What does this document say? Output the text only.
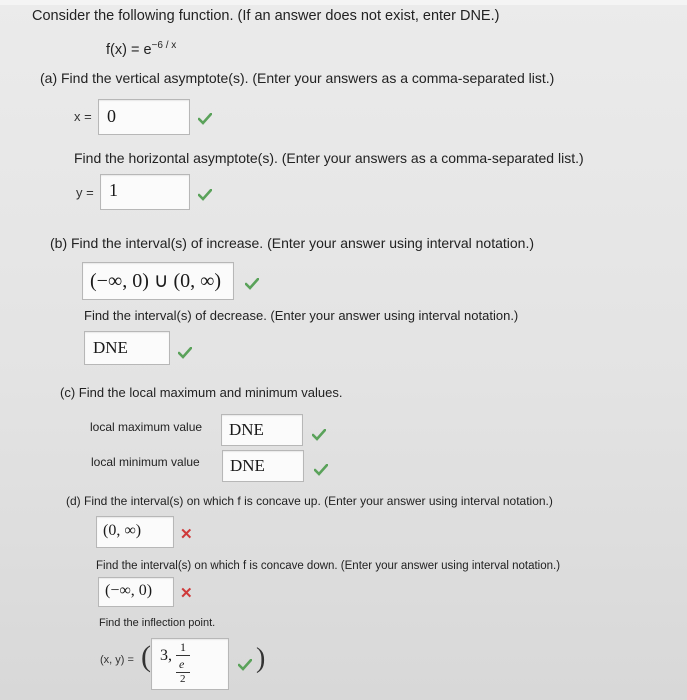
Consider the following function. (If an answer does not exist, enter DNE.)
$f(x) = e^{-6 / x}$
(a) Find the vertical asymptote(s). (Enter your answers as a comma-separated list.)
x = 0
Find the horizontal asymptote(s). (Enter your answers as a comma-separated list.)
y = 1
(b) Find the interval(s) of increase. (Enter your answer using interval notation.)
(−∞, 0) ∪ (0, ∞)
Find the interval(s) of decrease. (Enter your answer using interval notation.)
DNE
(c) Find the local maximum and minimum values.
local maximum value DNE
local minimum value DNE
(d) Find the interval(s) on which f is concave up. (Enter your answer using interval notation.)
(0, ∞)	✕
Find the interval(s) on which f is concave down. (Enter your answer using interval notation.)
(−∞, 0) ✕
Find the inflection point.
(x, y) = ( 3, 1
e
2
)
